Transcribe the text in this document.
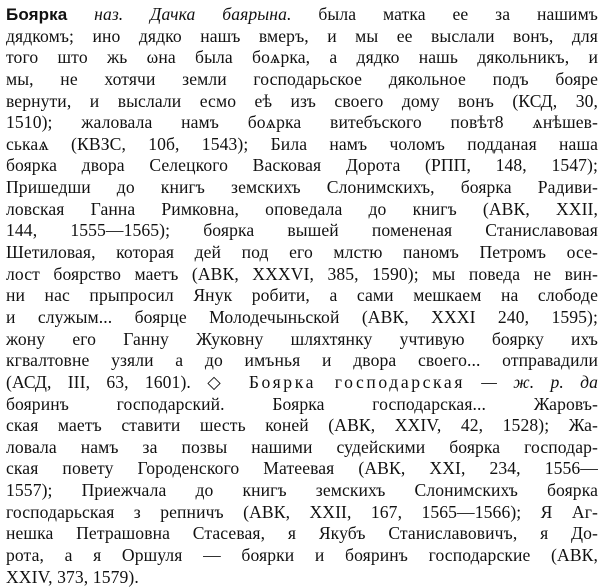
Боярка наз. Дачка баярына. была матка ее за нашимъ
дядкомъ; ино дядко нашъ вмеръ, и мы ее выслали вонъ, для
того штo жь ωна была боѧрка, а дядко нашь дякольникъ, и
мы, не хотячи земли господарьское дякольное подъ бояре
вернути, и выслали есмо еѣ изъ своего дому вонъ (КСД, 30,
1510); жаловала намъ боѧрка витебъского повѣт8 ѧнѣшев-
ськаѧ (КВЗС, 10б, 1543); Била намъ чоломъ подданая наша
боярка двора Селецкого Васковая Дорота (РПП, 148, 1547);
Пришедши до книгъ земскихъ Слонимскихъ, боярка Радиви-
ловская Ганна Римковна, оповедала до книгъ (АВК, XXII,
144, 1555—1565); боярка вышей помененая Станиславовая
Шетиловая, которая дей под его млстю паномъ Петромъ осе-
лост боярство маетъ (АВК, XXXVI, 385, 1590); мы поведа не вин-
ни нас прыпросил Янук робити, а сами мешкаем на слободе
и служым... боярце Молодечыньской (АВК, XXXI 240, 1595);
жону его Ганну Жуковну шляхтянку учтивую боярку ихъ
кгвалтовне узяли а до имънья и двора своего... отправадили
(АСД, III, 63, 1601). ◇ Боярка господарская — ж. р. да
бояринъ господарский. Боярка господарская... Жаровъ-
ская маетъ ставити шесть коней (АВК, XXIV, 42, 1528); Жа-
ловала намъ за позвы нашими судейскими боярка господар-
ская повету Городенского Матеевая (АВК, XXI, 234, 1556—
1557); Приежчала до книгъ земскихъ Слонимскихъ боярка
господарьская з репничъ (АВК, XXII, 167, 1565—1566); Я Аг-
нешка Петрашовна Стасевая, я Якубъ Станиславовичъ, я До-
рота, а я Оршуля — боярки и бояринъ господарские (АВК,
XXIV, 373, 1579).
